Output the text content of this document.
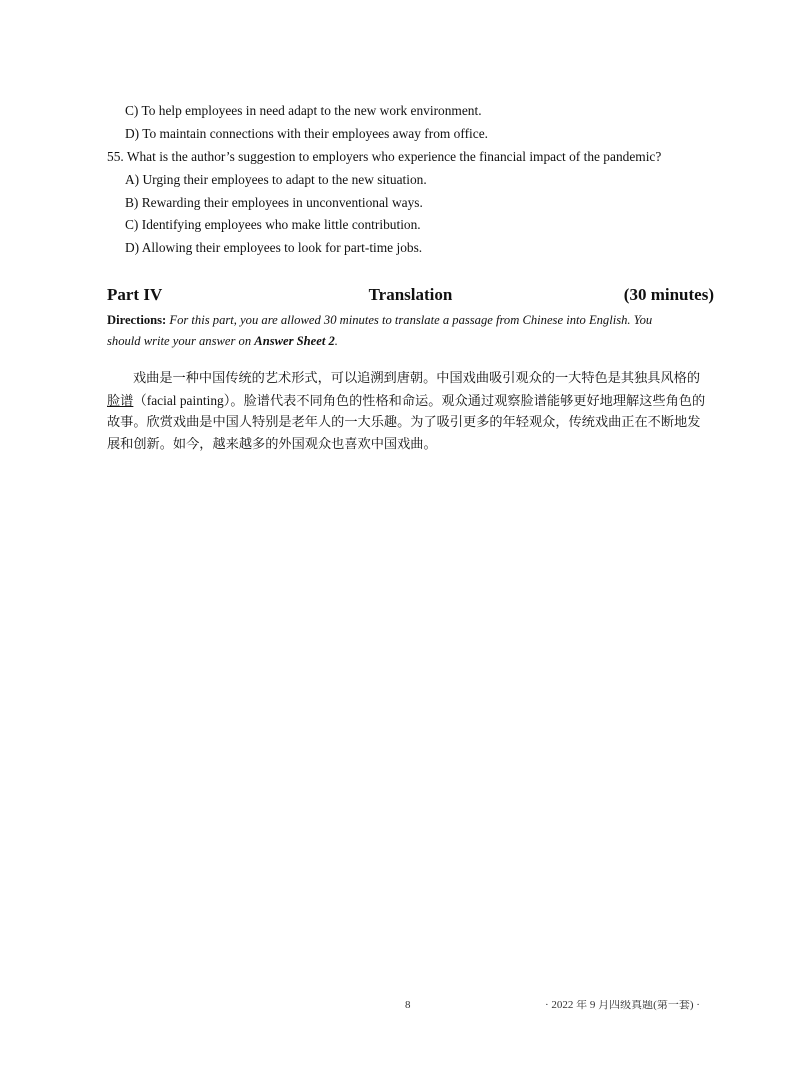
C) To help employees in need adapt to the new work environment.
D) To maintain connections with their employees away from office.
55. What is the author’s suggestion to employers who experience the financial impact of the pandemic?
A) Urging their employees to adapt to the new situation.
B) Rewarding their employees in unconventional ways.
C) Identifying employees who make little contribution.
D) Allowing their employees to look for part-time jobs.
Part IV	Translation	(30 minutes)
Directions: For this part, you are allowed 30 minutes to translate a passage from Chinese into English. You
should write your answer on Answer Sheet 2.
戏曲是一种中国传统的艺术形式，可以追溯到唐朝。中国戏曲吸引观众的一大特色是其独具风格的
脸谱（facial painting）。脸谱代表不同角色的性格和命运。观众通过观察脸谱能够更好地理解这些角色的
故事。欣赏戏曲是中国人特别是老年人的一大乐趣。为了吸引更多的年轻观众，传统戏曲正在不断地发
展和创新。如今，越来越多的外国观众也喜欢中国戏曲。
8	· 2022 年 9 月四级真题(第一套) ·
